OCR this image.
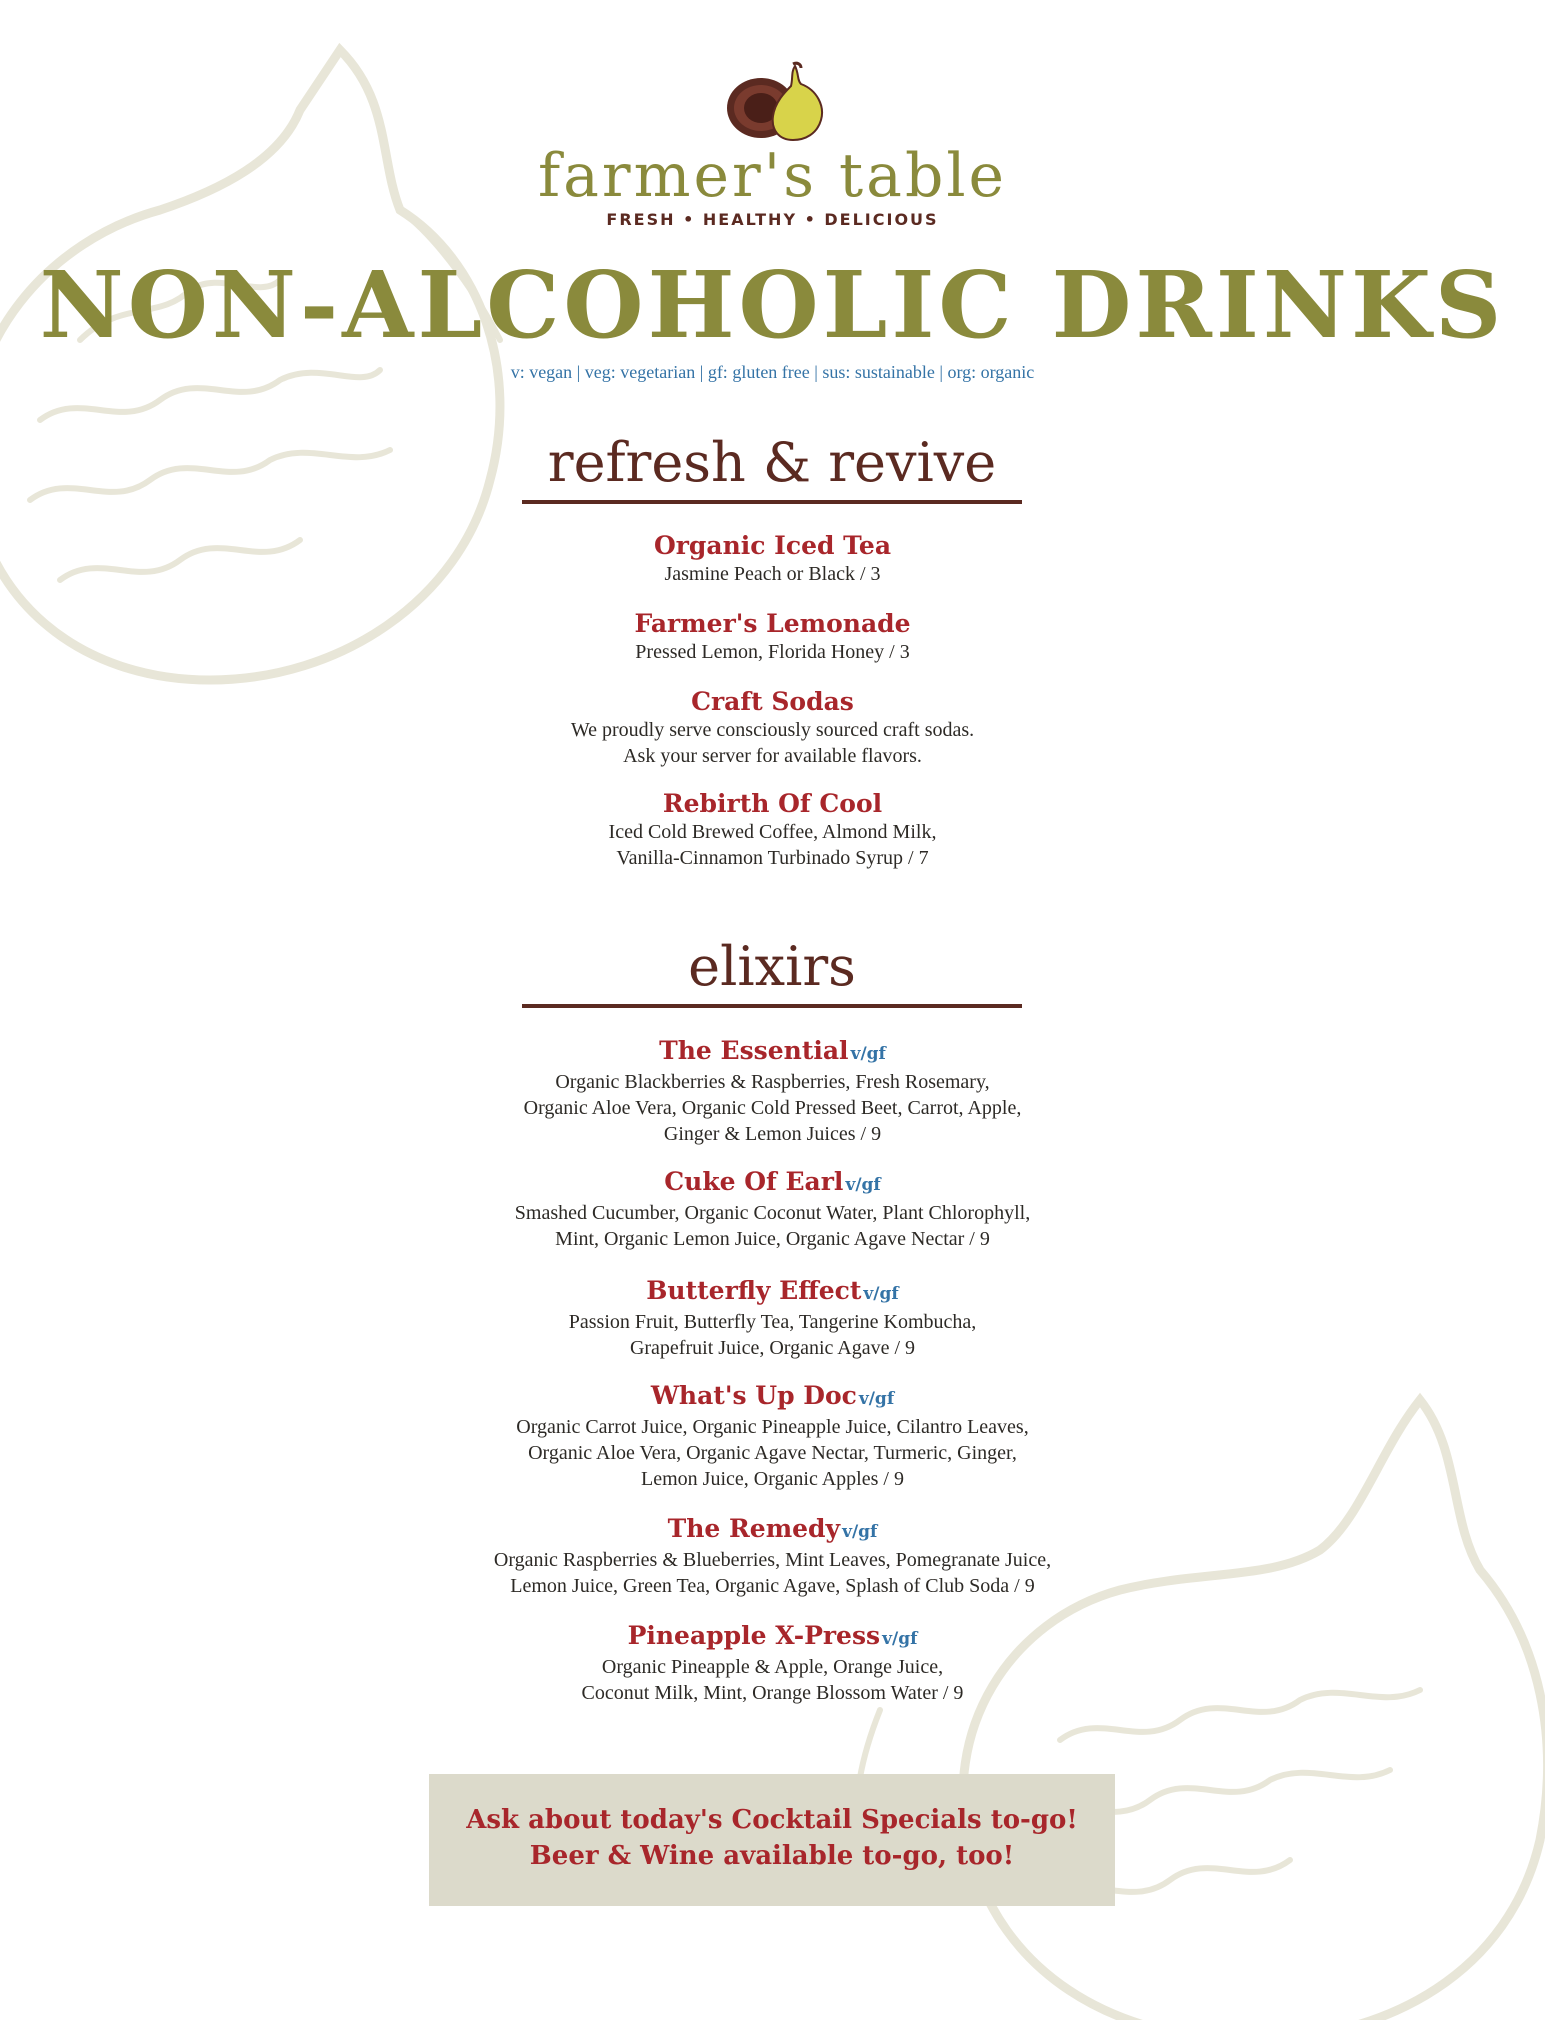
farmer's table
FRESH • HEALTHY • DELICIOUS
NON-ALCOHOLIC DRINKS
v: vegan | veg: vegetarian | gf: gluten free | sus: sustainable | org: organic
refresh & revive
Organic Iced Tea
Jasmine Peach or Black / 3
Farmer's Lemonade
Pressed Lemon, Florida Honey / 3
Craft Sodas
We proudly serve consciously sourced craft sodas.
Ask your server for available flavors.
Rebirth Of Cool
Iced Cold Brewed Coffee, Almond Milk,
Vanilla-Cinnamon Turbinado Syrup / 7
elixirs
The Essential v/gf
Organic Blackberries & Raspberries, Fresh Rosemary,
Organic Aloe Vera, Organic Cold Pressed Beet, Carrot, Apple,
Ginger & Lemon Juices / 9
Cuke Of Earl v/gf
Smashed Cucumber, Organic Coconut Water, Plant Chlorophyll,
Mint, Organic Lemon Juice, Organic Agave Nectar / 9
Butterfly Effect v/gf
Passion Fruit, Butterfly Tea, Tangerine Kombucha,
Grapefruit Juice, Organic Agave / 9
What's Up Doc v/gf
Organic Carrot Juice, Organic Pineapple Juice, Cilantro Leaves,
Organic Aloe Vera, Organic Agave Nectar, Turmeric, Ginger,
Lemon Juice, Organic Apples / 9
The Remedy v/gf
Organic Raspberries & Blueberries, Mint Leaves, Pomegranate Juice,
Lemon Juice, Green Tea, Organic Agave, Splash of Club Soda / 9
Pineapple X-Press v/gf
Organic Pineapple & Apple, Orange Juice,
Coconut Milk, Mint, Orange Blossom Water / 9
Ask about today's Cocktail Specials to-go!
Beer & Wine available to-go, too!
